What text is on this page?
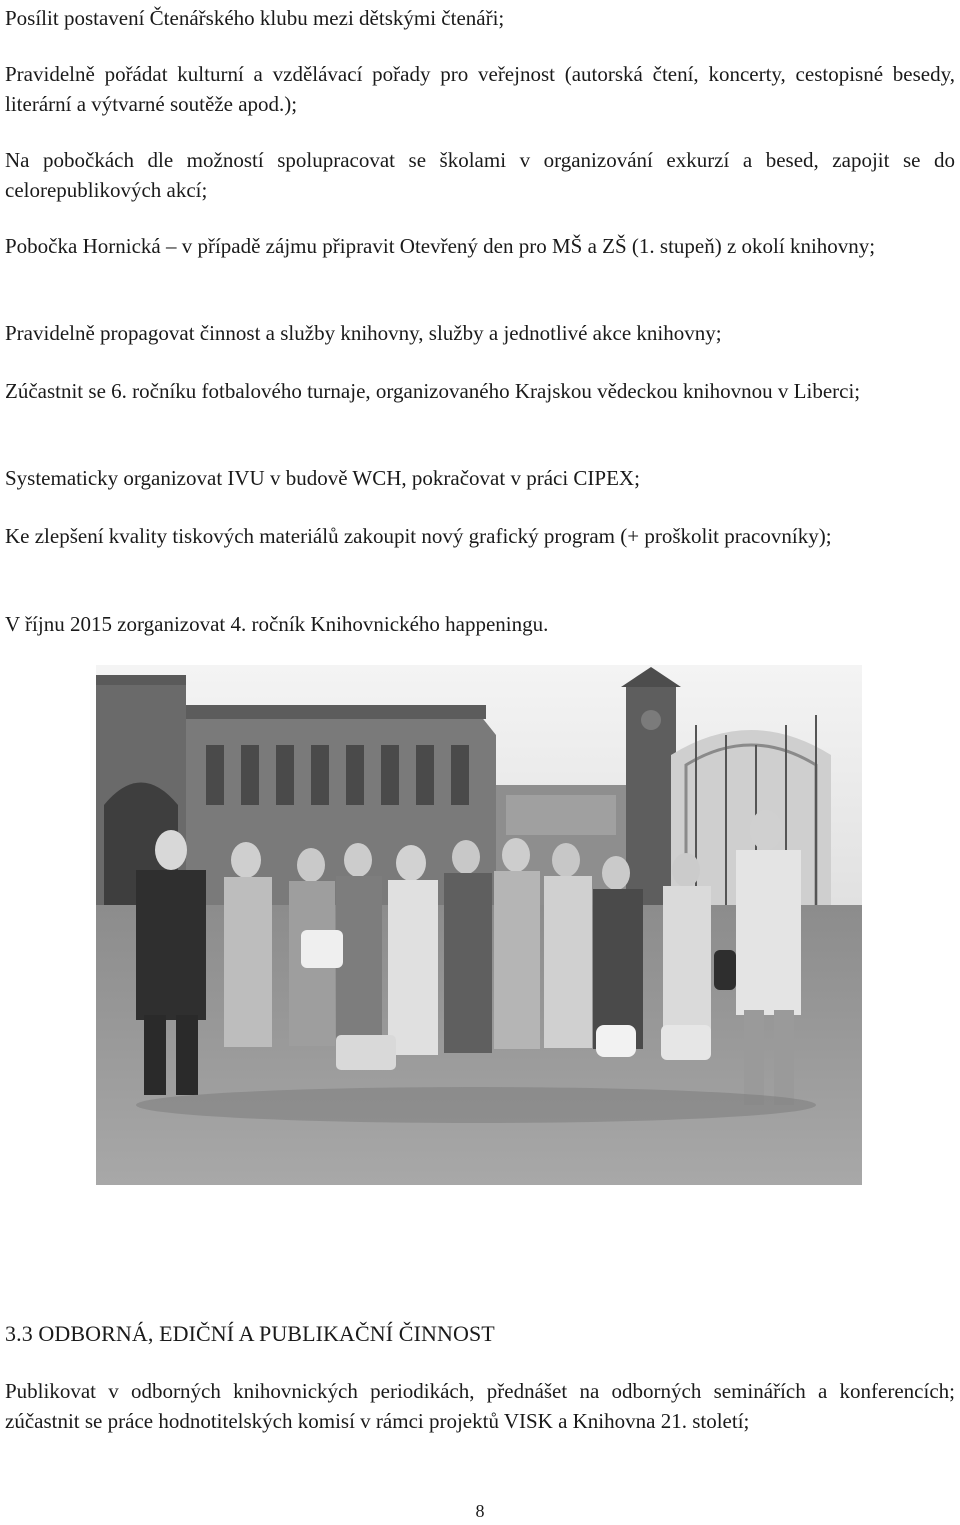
Posílit postavení Čtenářského klubu mezi dětskými čtenáři;

Pravidelně pořádat kulturní a vzdělávací pořady pro veřejnost (autorská čtení, koncerty, cestopisné besedy, literární a výtvarné soutěže apod.);

Na pobočkách dle možností spolupracovat se školami v organizování exkurzí a besed, zapojit se do celorepublikových akcí;

Pobočka Hornická – v případě zájmu připravit Otevřený den pro MŠ a ZŠ (1. stupeň) z okolí knihovny;

Pravidelně propagovat činnost a služby knihovny, služby a jednotlivé akce knihovny;

Zúčastnit se 6. ročníku fotbalového turnaje, organizovaného Krajskou vědeckou knihovnou v Liberci;

Systematicky organizovat IVU v budově WCH, pokračovat v práci CIPEX;

Ke zlepšení kvality tiskových materiálů zakoupit nový grafický program (+ proškolit pracovníky);

V říjnu 2015 zorganizovat 4. ročník Knihovnického happeningu.

3.3 ODBORNÁ, EDIČNÍ A PUBLIKAČNÍ ČINNOST

Publikovat v odborných knihovnických periodikách, přednášet na odborných seminářích a konferencích; zúčastnit se práce hodnotitelských komisí v rámci projektů VISK a Knihovna 21. století;

8
